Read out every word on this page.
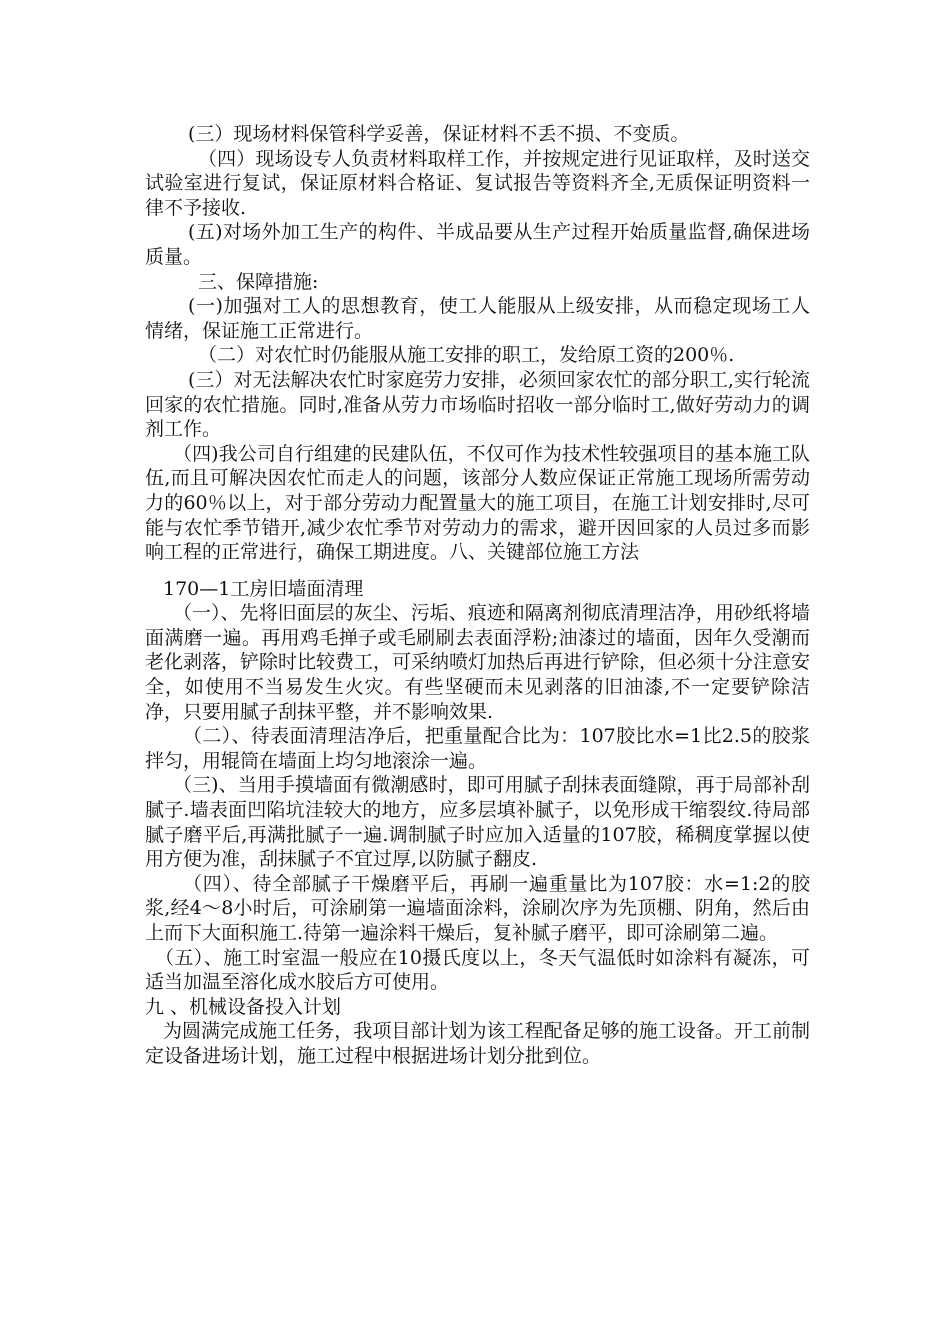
(三）现场材料保管科学妥善，保证材料不丢不损、不变质。

（四）现场设专人负责材料取样工作，并按规定进行见证取样，及时送交试验室进行复试，保证原材料合格证、复试报告等资料齐全,无质保证明资料一律不予接收.

(五)对场外加工生产的构件、半成品要从生产过程开始质量监督,确保进场质量。

三、保障措施:

(一)加强对工人的思想教育，使工人能服从上级安排，从而稳定现场工人情绪，保证施工正常进行。

（二）对农忙时仍能服从施工安排的职工，发给原工资的200％.

(三）对无法解决农忙时家庭劳力安排，必须回家农忙的部分职工,实行轮流回家的农忙措施。同时,准备从劳力市场临时招收一部分临时工,做好劳动力的调剂工作。

（四)我公司自行组建的民建队伍，不仅可作为技术性较强项目的基本施工队伍,而且可解决因农忙而走人的问题，该部分人数应保证正常施工现场所需劳动力的60％以上，对于部分劳动力配置量大的施工项目，在施工计划安排时,尽可能与农忙季节错开,减少农忙季节对劳动力的需求，避开因回家的人员过多而影响工程的正常进行，确保工期进度。八、关键部位施工方法

170—1工房旧墙面清理

（一）、先将旧面层的灰尘、污垢、痕迹和隔离剂彻底清理洁净，用砂纸将墙面满磨一遍。再用鸡毛掸子或毛刷刷去表面浮粉;油漆过的墙面，因年久受潮而老化剥落，铲除时比较费工，可采纳喷灯加热后再进行铲除，但必须十分注意安全，如使用不当易发生火灾。有些坚硬而未见剥落的旧油漆,不一定要铲除洁净，只要用腻子刮抹平整，并不影响效果.

（二）、待表面清理洁净后，把重量配合比为：107胶比水=1比2.5的胶浆拌匀，用辊筒在墙面上均匀地滚涂一遍。

（三)、当用手摸墙面有微潮感时，即可用腻子刮抹表面缝隙，再于局部补刮腻子.墙表面凹陷坑洼较大的地方，应多层填补腻子，以免形成干缩裂纹.待局部腻子磨平后,再满批腻子一遍.调制腻子时应加入适量的107胶，稀稠度掌握以使用方便为准，刮抹腻子不宜过厚,以防腻子翻皮.

（四）、待全部腻子干燥磨平后，再刷一遍重量比为107胶：水=1:2的胶浆,经4～8小时后，可涂刷第一遍墙面涂料，涂刷次序为先顶棚、阴角，然后由上而下大面积施工.待第一遍涂料干燥后，复补腻子磨平，即可涂刷第二遍。

（五）、施工时室温一般应在10摄氏度以上，冬天气温低时如涂料有凝冻，可适当加温至溶化成水胶后方可使用。

九 、机械设备投入计划

为圆满完成施工任务，我项目部计划为该工程配备足够的施工设备。开工前制定设备进场计划，施工过程中根据进场计划分批到位。
